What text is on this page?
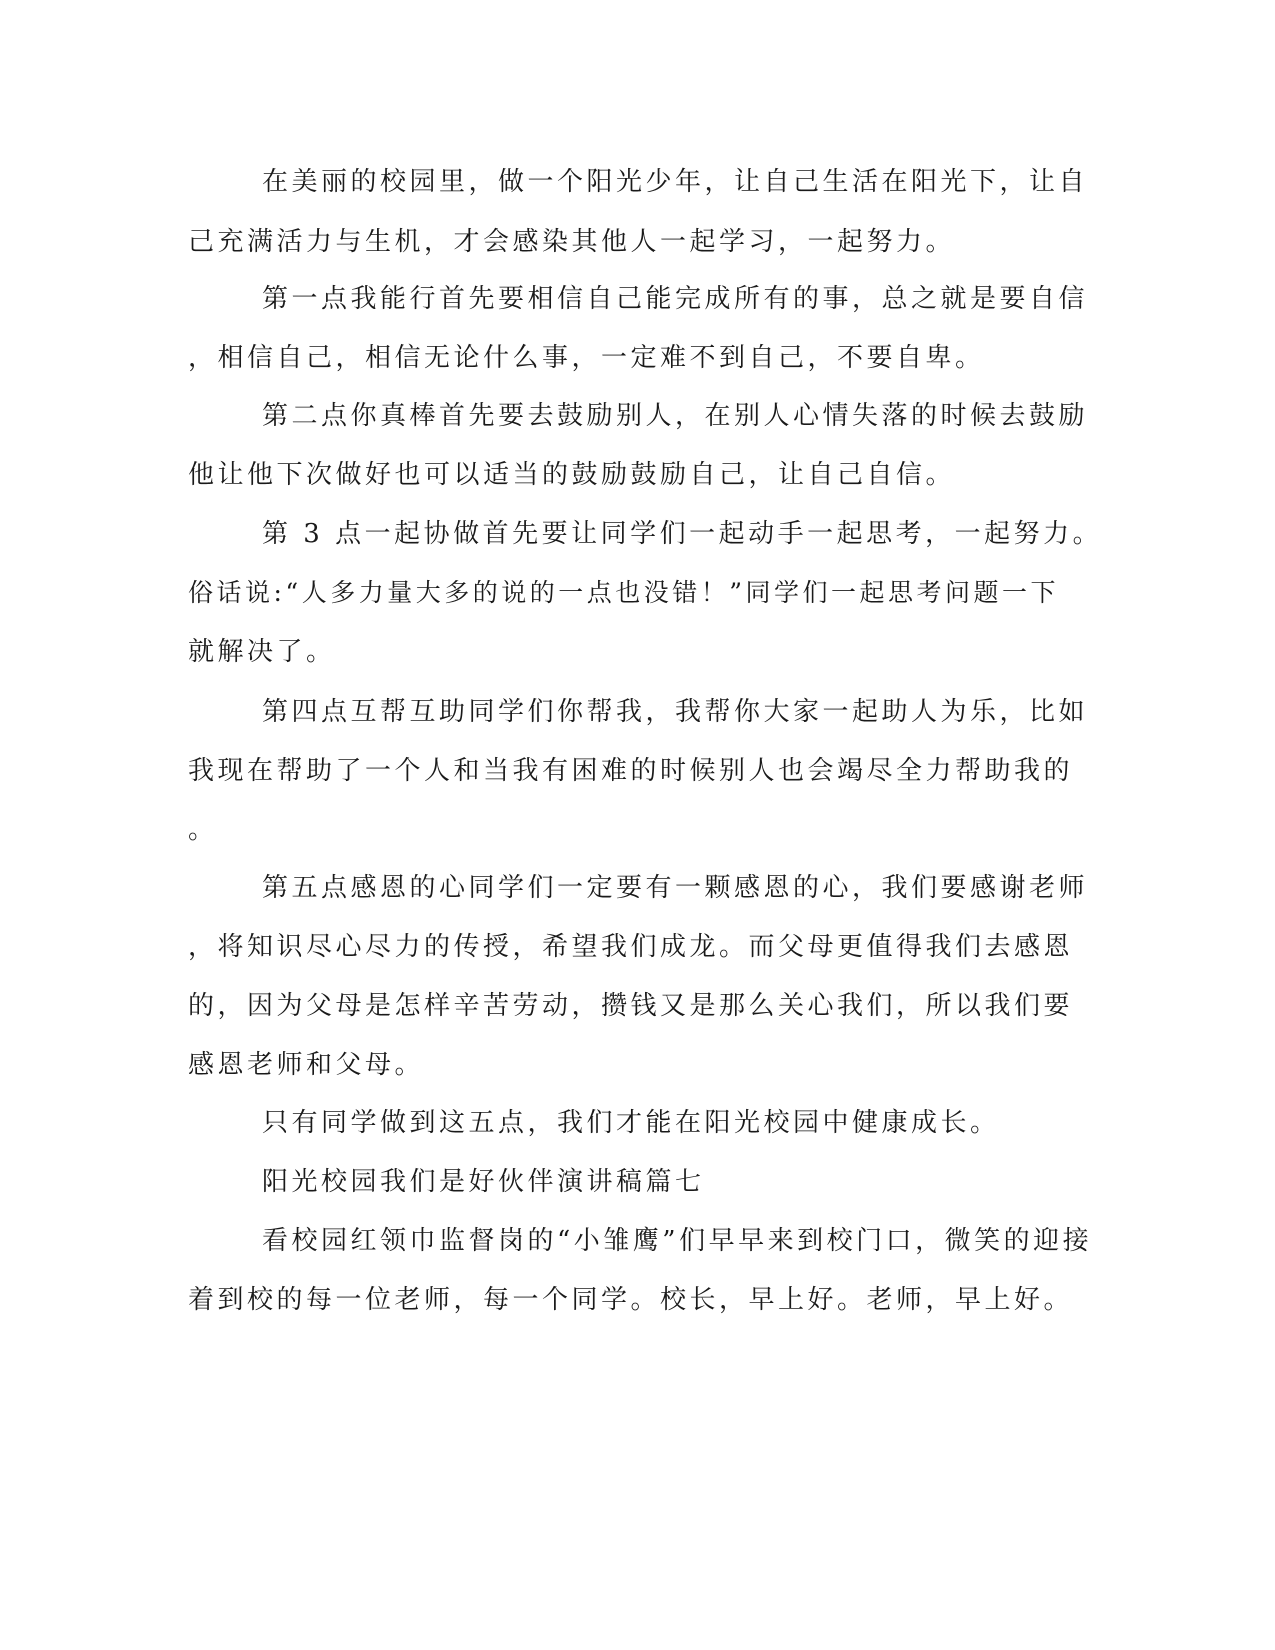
在美丽的校园里，做一个阳光少年，让自己生活在阳光下，让自
己充满活力与生机，才会感染其他人一起学习，一起努力。
第一点我能行首先要相信自己能完成所有的事，总之就是要自信
，相信自己，相信无论什么事，一定难不到自己，不要自卑。
第二点你真棒首先要去鼓励别人，在别人心情失落的时候去鼓励
他让他下次做好也可以适当的鼓励鼓励自己，让自己自信。
第 3 点一起协做首先要让同学们一起动手一起思考，一起努力。
俗话说:“人多力量大多的说的一点也没错！”同学们一起思考问题一下
就解决了。
第四点互帮互助同学们你帮我，我帮你大家一起助人为乐，比如
我现在帮助了一个人和当我有困难的时候别人也会竭尽全力帮助我的
。
第五点感恩的心同学们一定要有一颗感恩的心，我们要感谢老师
，将知识尽心尽力的传授，希望我们成龙。而父母更值得我们去感恩
的，因为父母是怎样辛苦劳动，攒钱又是那么关心我们，所以我们要
感恩老师和父母。
只有同学做到这五点，我们才能在阳光校园中健康成长。
阳光校园我们是好伙伴演讲稿篇七
看校园红领巾监督岗的“小雏鹰”们早早来到校门口，微笑的迎接
着到校的每一位老师，每一个同学。校长，早上好。老师，早上好。
